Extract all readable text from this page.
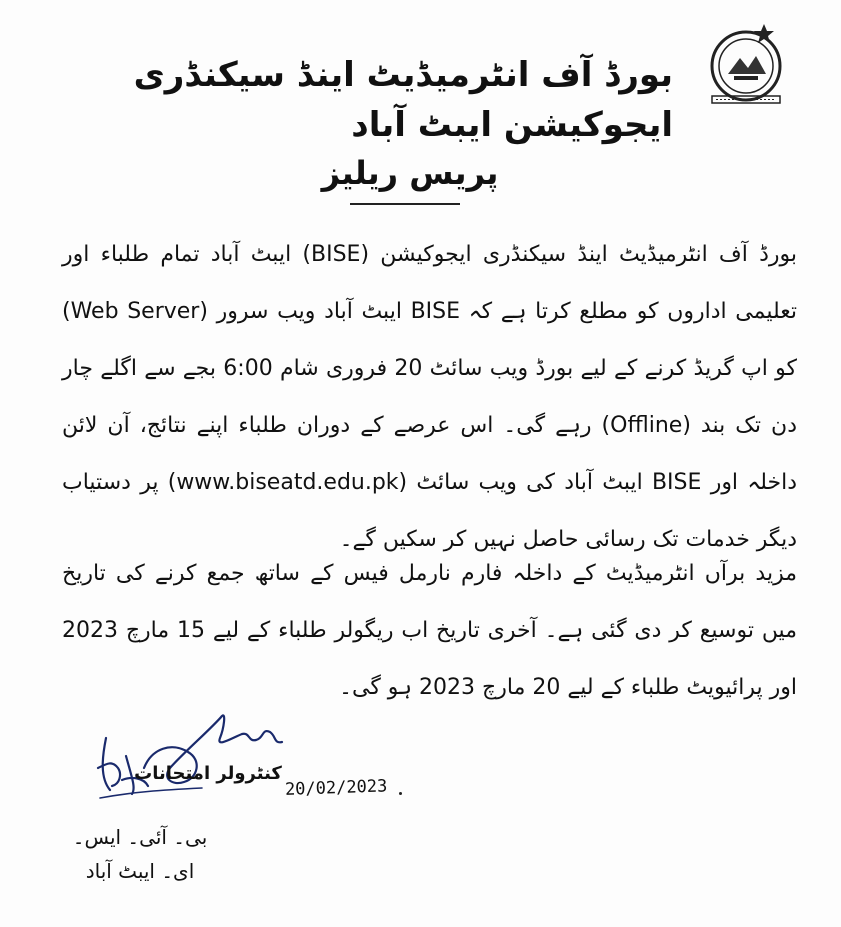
بورڈ آف انٹرمیڈیٹ اینڈ سیکنڈری ایجوکیشن ایبٹ آباد
پریس ریلیز
بورڈ آف انٹرمیڈیٹ اینڈ سیکنڈری ایجوکیشن (BISE) ایبٹ آباد تمام طلباء اور تعلیمی اداروں کو مطلع کرتا ہے کہ BISE ایبٹ آباد ویب سرور (Web Server) کو اپ گریڈ کرنے کے لیے بورڈ ویب سائٹ 20 فروری شام 6:00 بجے سے اگلے چار دن تک بند (Offline) رہے گی۔ اس عرصے کے دوران طلباء اپنے نتائج، آن لائن داخلہ اور BISE ایبٹ آباد کی ویب سائٹ (www.biseatd.edu.pk) پر دستیاب دیگر خدمات تک رسائی حاصل نہیں کر سکیں گے۔
مزید برآں انٹرمیڈیٹ کے داخلہ فارم نارمل فیس کے ساتھ جمع کرنے کی تاریخ میں توسیع کر دی گئی ہے۔ آخری تاریخ اب ریگولر طلباء کے لیے 15 مارچ 2023 اور پرائیویٹ طلباء کے لیے 20 مارچ 2023 ہو گی۔
کنٹرولر امتحانات
20/02/2023
بی۔ آئی۔ ایس۔ ای۔ ایبٹ آباد
